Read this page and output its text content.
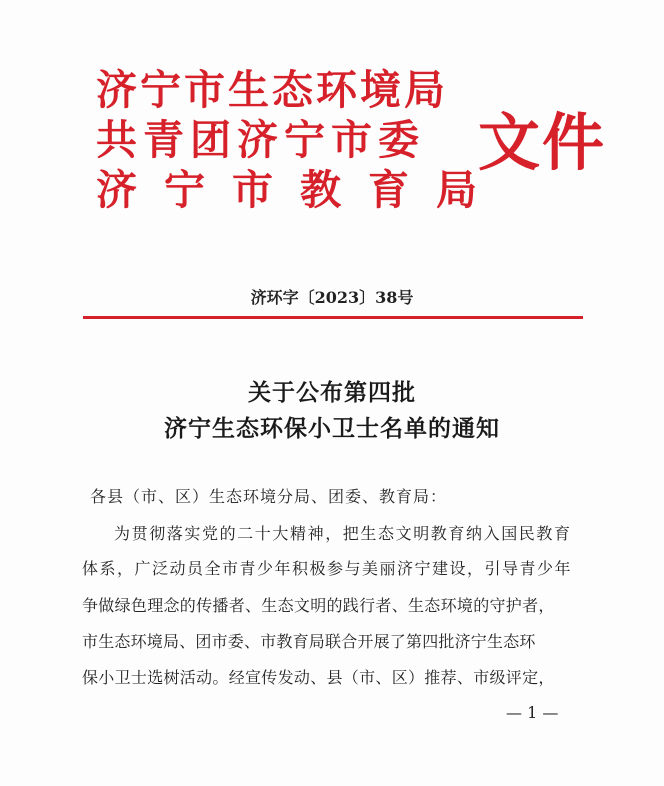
济宁市生态环境局
共青团济宁市委
济宁市教育局
文件
济环字〔2023〕38号
关于公布第四批
济宁生态环保小卫士名单的通知
各县（市、区）生态环境分局、团委、教育局：
为贯彻落实党的二十大精神，把生态文明教育纳入国民教育
体系，广泛动员全市青少年积极参与美丽济宁建设，引导青少年
争做绿色理念的传播者、生态文明的践行者、生态环境的守护者，
市生态环境局、团市委、市教育局联合开展了第四批济宁生态环
保小卫士选树活动。经宣传发动、县（市、区）推荐、市级评定，
— 1 —
